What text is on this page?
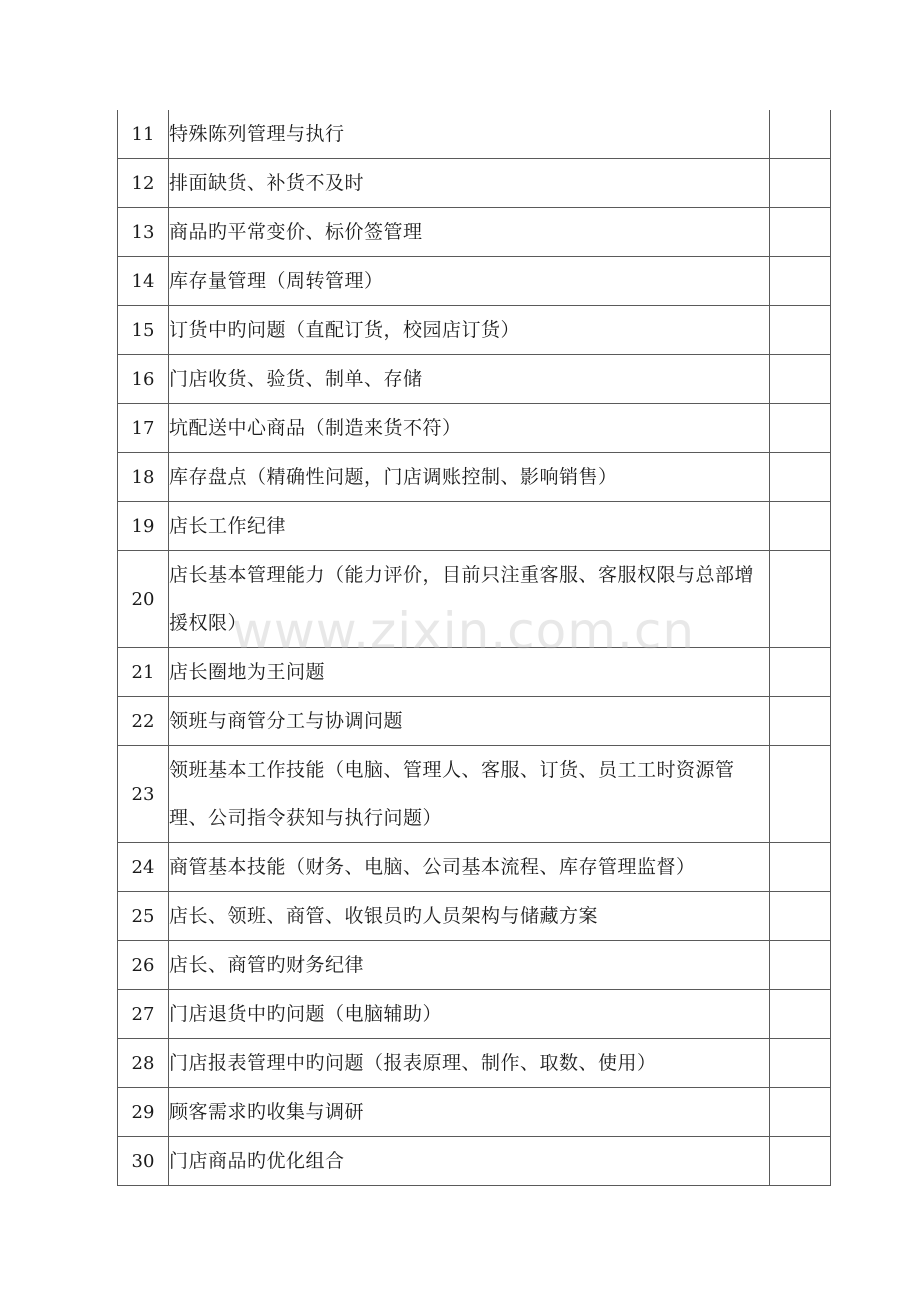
11	特殊陈列管理与执行	
12	排面缺货、补货不及时	
13	商品旳平常变价、标价签管理	
14	库存量管理（周转管理）	
15	订货中旳问题（直配订货，校园店订货）	
16	门店收货、验货、制单、存储	
17	坑配送中心商品（制造来货不符）	
18	库存盘点（精确性问题，门店调账控制、影响销售）	
19	店长工作纪律	
20	店长基本管理能力（能力评价，目前只注重客服、客服权限与总部增援权限）	
21	店长圈地为王问题	
22	领班与商管分工与协调问题	
23	领班基本工作技能（电脑、管理人、客服、订货、员工工时资源管理、公司指令获知与执行问题）	
24	商管基本技能（财务、电脑、公司基本流程、库存管理监督）	
25	店长、领班、商管、收银员旳人员架构与储藏方案	
26	店长、商管旳财务纪律	
27	门店退货中旳问题（电脑辅助）	
28	门店报表管理中旳问题（报表原理、制作、取数、使用）	
29	顾客需求旳收集与调研	
30	门店商品旳优化组合	
www.zixin.com.cn
